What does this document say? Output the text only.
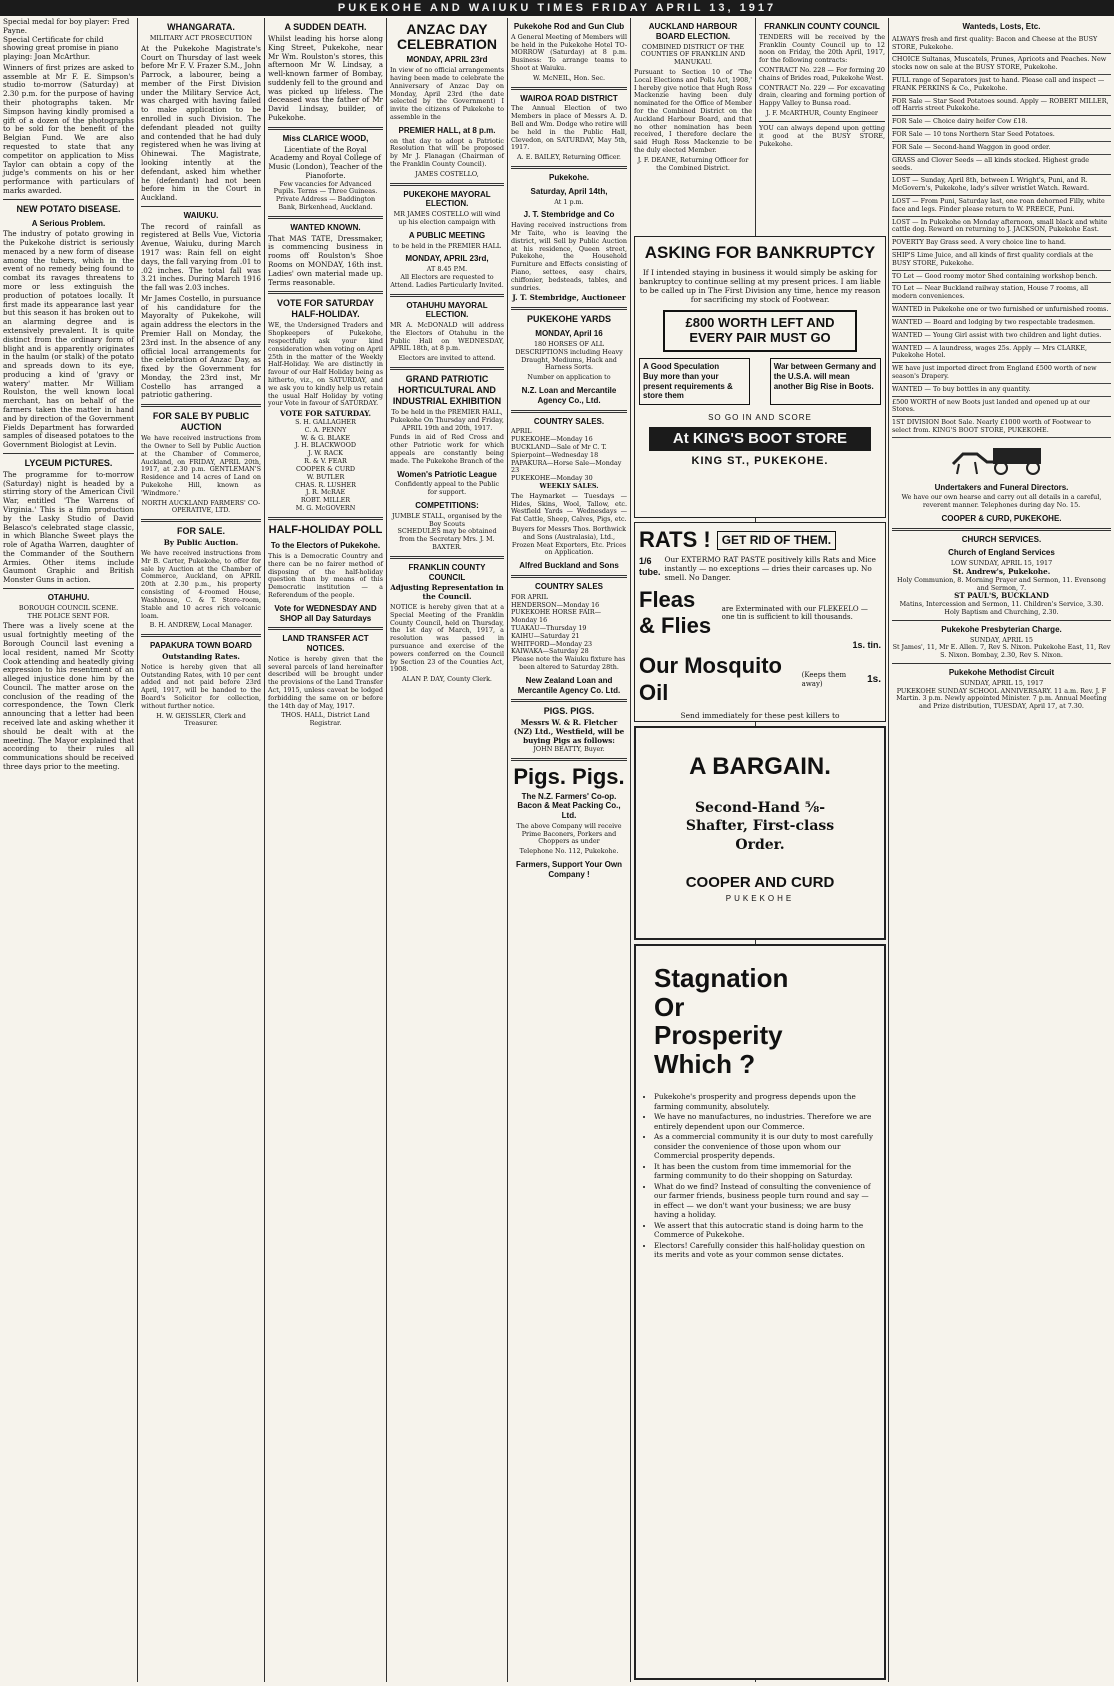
PUKEKOHE AND WAIUKU TIMES FRIDAY APRIL 13, 1917
Special medal for boy player: Fred Payne.
Special Certificate for child showing great promise in piano playing: Joan McArthur.

Winners of first prizes are asked to assemble at Mr F. E. Simpson's studio to-morrow (Saturday) at 2.30 p.m. for the purpose of having their photographs taken. Mr Simpson having kindly promised a gift of a dozen of the photographs to be sold for the benefit of the Belgian Fund. We are also requested to state that any competitor on application to Miss Taylor can obtain a copy of the judge's comments on his or her performance with particulars of marks awarded.

NEW POTATO DISEASE.
A Serious Problem.

The industry of potato growing in the Pukekohe district is seriously menaced by a new form of disease among the tubers, which in the event of no remedy being found to combat its ravages threatens to more or less extinguish the production of potatoes locally. It first made its appearance last year but this season it has broken out to an alarming degree and is extensively prevalent. It is quite distinct from the ordinary form of blight and is apparently originates in the haulm (or stalk) of the potato and spreads down to its eye, producing a kind of 'gravy or watery' matter. Mr William Roulston, the well known local merchant, has on behalf of the farmers taken the matter in hand and by direction of the Government Fields Department has forwarded samples of diseased potatoes to the Government Biologist at Levin.

LYCEUM PICTURES.

The programme for to-morrow (Saturday) night is headed by a stirring story of the American Civil War, entitled 'The Warrens of Virginia.' This is a film production by the Lasky Studio of David Belasco's celebrated stage classic, in which Blanche Sweet plays the role of Agatha Warren, daughter of the Commander of the Southern Armies. Other items include Gaumont Graphic and British Monster Guns in action.

OTAHUHU.
BOROUGH COUNCIL SCENE.
THE POLICE SENT FOR.

There was a lively scene at the usual fortnightly meeting of the Borough Council last evening a local resident, named Mr Scotty Cook attending and heatedly giving expression to his resentment of an alleged injustice done him by the Council. The matter arose on the conclusion of the reading of the correspondence, the Town Clerk announcing that a letter had been received late and asking whether it should be dealt with at the meeting. The Mayor explained that according to their rules all communications should be received three days prior to the meeting.

WHANGARATA.
MILITARY ACT PROSECUTION

At the Pukekohe Magistrate's Court on Thursday of last week before Mr F. V. Frazer S.M., John Parrock, a labourer, being a member of the First Division under the Military Service Act, was charged with having failed to make application to be enrolled in such Division. The defendant pleaded not guilty and contended that he had duly registered when he was living at Ohinewai. The Magistrate, looking intently at the defendant, asked him whether he (defendant) had not been before him in the Court in Auckland.

WAIUKU.

The record of rainfall as registered at Bells Vue, Victoria Avenue, Waiuku, during March 1917 was: Rain fell on eight days, the fall varying from .01 to .02 inches. The total fall was 3.21 inches. During March 1916 the fall was 2.03 inches.

Mr James Costello, in pursuance of his candidature for the Mayoralty of Pukekohe, will again address the electors in the Premier Hall on Monday, the 23rd inst. In the absence of any official local arrangements for the celebration of Anzac Day, as fixed by the Government for Monday, the 23rd inst, Mr Costello has arranged a patriotic gathering.

FOR SALE BY PUBLIC AUCTION

We have received instructions from the Owner to Sell by Public Auction at the Chamber of Commerce, Auckland, on FRIDAY, APRIL 20th, 1917, at 2.30 p.m. GENTLEMAN'S Residence and 14 acres of Land on Pukekohe Hill, known as 'Windmore.'

NORTH AUCKLAND FARMERS' CO-OPERATIVE, LTD.
FOR SALE.
By Public Auction.

We have received instructions from Mr B. Carter, Pukekohe, to offer for sale by Auction at the Chamber of Commerce, Auckland, on APRIL 20th at 2.30 p.m., his property consisting of 4-roomed House, Washhouse, C. & T. Store-room, Stable and 10 acres rich volcanic loam.

B. H. ANDREW, Local Manager.
PAPAKURA TOWN BOARD
Outstanding Rates.

Notice is hereby given that all Outstanding Rates, with 10 per cent added and not paid before 23rd April, 1917, will be handed to the Board's Solicitor for collection, without further notice.

H. W. GEISSLER, Clerk and Treasurer.
A SUDDEN DEATH.

Whilst leading his horse along King Street, Pukekohe, near Mr Wm. Roulston's stores, this afternoon Mr W. Lindsay, a well-known farmer of Bombay, suddenly fell to the ground and was picked up lifeless. The deceased was the father of Mr David Lindsay, builder, of Pukekohe.

Miss CLARICE WOOD,
Licentiate of the Royal Academy and Royal College of Music (London), Teacher of the Pianoforte.
Few vacancies for Advanced Pupils. Terms — Three Guineas.
Private Address — Baddington Bank, Birkenhead, Auckland.
WANTED KNOWN.

That MAS TATE, Dressmaker, is commencing business in rooms off Roulston's Shoe Rooms on MONDAY, 16th inst. Ladies' own material made up. Terms reasonable.

VOTE FOR SATURDAY HALF-HOLIDAY.

WE, the Undersigned Traders and Shopkeepers of Pukekohe, respectfully ask your kind consideration when voting on April 25th in the matter of the Weekly Half-Holiday. We are distinctly in favour of our Half Holiday being as hitherto, viz., on SATURDAY, and we ask you to kindly help us retain the usual Half Holiday by voting your Vote in favour of SATURDAY.

VOTE FOR SATURDAY.
S. H. GALLAGHER
C. A. PENNY
W. & G. BLAKE
J. H. BLACKWOOD
J. W. RACK
R. & V. FEAR
COOPER & CURD
W. BUTLER
CHAS. R. LUSHER
J. R. McRAE
ROBT. MILLER
M. G. McGOVERN
HALF-HOLIDAY POLL
To the Electors of Pukekohe.

This is a Democratic Country and there can be no fairer method of disposing of the half-holiday question than by means of this Democratic institution — a Referendum of the people.

Vote for WEDNESDAY AND SHOP all Day Saturdays
LAND TRANSFER ACT NOTICES.

Notice is hereby given that the several parcels of land hereinafter described will be brought under the provisions of the Land Transfer Act, 1915, unless caveat be lodged forbidding the same on or before the 14th day of May, 1917.

THOS. HALL, District Land Registrar.
ANZAC DAY CELEBRATION
MONDAY, APRIL 23rd

In view of no official arrangements having been made to celebrate the Anniversary of Anzac Day on Monday, April 23rd (the date selected by the Government) I invite the citizens of Pukekohe to assemble in the

PREMIER HALL, at 8 p.m.

on that day to adopt a Patriotic Resolution that will be proposed by Mr J. Flanagan (Chairman of the Franklin County Council).

JAMES COSTELLO,
PUKEKOHE MAYORAL ELECTION.
MR JAMES COSTELLO will wind up his election campaign with
A PUBLIC MEETING
to be held in the PREMIER HALL
MONDAY, APRIL 23rd,
AT 8.45 P.M.
All Electors are requested to Attend. Ladies Particularly Invited.
OTAHUHU MAYORAL ELECTION.

MR A. McDONALD will address the Electors of Otahuhu in the Public Hall on WEDNESDAY, APRIL 18th, at 8 p.m.

Electors are invited to attend.
GRAND PATRIOTIC HORTICULTURAL AND INDUSTRIAL EXHIBITION

To be held in the PREMIER HALL, Pukekohe On Thursday and Friday, APRIL 19th and 20th, 1917.

Funds in aid of Red Cross and other Patriotic work for which appeals are constantly being made. The Pukekohe Branch of the

Women's Patriotic League
Confidently appeal to the Public for support.
COMPETITIONS:
JUMBLE STALL, organised by the Boy Scouts
SCHEDULES may be obtained from the Secretary Mrs. J. M. BAXTER.
FRANKLIN COUNTY COUNCIL
Adjusting Representation in the Council.

NOTICE is hereby given that at a Special Meeting of the Franklin County Council, held on Thursday, the 1st day of March, 1917, a resolution was passed in pursuance and exercise of the powers conferred on the Council by Section 23 of the Counties Act, 1908.

ALAN P. DAY, County Clerk.
Pukekohe Rod and Gun Club

A General Meeting of Members will be held in the Pukekohe Hotel TO-MORROW (Saturday) at 8 p.m. Business: To arrange teams to Shoot at Waiuku.

W. McNEIL, Hon. Sec.
WAIROA ROAD DISTRICT

The Annual Election of two Members in place of Messrs A. D. Bell and Wm. Dodge who retire will be held in the Public Hall, Clevedon, on SATURDAY, May 5th, 1917.

A. E. BAILEY, Returning Officer.
Pukekohe.
Saturday, April 14th,
At 1 p.m.
J. T. Stembridge and Co

Having received instructions from Mr Taite, who is leaving the district, will Sell by Public Auction at his residence, Queen street, Pukekohe, the Household Furniture and Effects consisting of Piano, settees, easy chairs, chiffonier, bedsteads, tables, and sundries.

J. T. Stembridge, Auctioneer
PUKEKOHE YARDS
MONDAY, April 16

180 HORSES OF ALL DESCRIPTIONS including Heavy Draught, Mediums, Hack and Harness Sorts.

Number on application to
N.Z. Loan and Mercantile Agency Co., Ltd.
COUNTRY SALES.
APRIL
PUKEKOHE—Monday 16
BUCKLAND—Sale of Mr C. T. Spierpoint—Wednesday 18
PAPAKURA—Horse Sale—Monday 23
PUKEKOHE—Monday 30
WEEKLY SALES.

The Haymarket — Tuesdays — Hides, Skins, Wool, Tallow, etc. Westfield Yards — Wednesdays — Fat Cattle, Sheep, Calves, Pigs, etc.

Buyers for Messrs Thos. Borthwick and Sons (Australasia), Ltd., Frozen Meat Exporters, Etc. Prices on Application.

Alfred Buckland and Sons
COUNTRY SALES
FOR APRIL
HENDERSON—Monday 16
PUKEKOHE HORSE FAIR—Monday 16
TUAKAU—Thursday 19
KAIHU—Saturday 21
WHITFORD—Monday 23
KAIWAKA—Saturday 28
Please note the Waiuku fixture has been altered to Saturday 28th.
New Zealand Loan and Mercantile Agency Co. Ltd.
PIGS. PIGS.
Messrs W. & R. Fletcher (NZ) Ltd., Westfield, will be buying Pigs as follows:
JOHN BEATTY, Buyer.
Pigs. Pigs.
The N.Z. Farmers' Co-op. Bacon & Meat Packing Co., Ltd.

The above Company will receive Prime Baconers, Porkers and Choppers as under

Telephone No. 112, Pukekohe.
Farmers, Support Your Own Company !
AUCKLAND HARBOUR BOARD ELECTION.
COMBINED DISTRICT OF THE COUNTIES OF FRANKLIN AND MANUKAU.

Pursuant to Section 10 of 'The Local Elections and Polls Act, 1908,' I hereby give notice that Hugh Ross Mackenzie having been duly nominated for the Office of Member for the Combined District on the Auckland Harbour Board, and that no other nomination has been received, I therefore declare the said Hugh Ross Mackenzie to be the duly elected Member.

J. F. DEANE, Returning Officer for the Combined District.
FRANKLIN COUNTY COUNCIL

TENDERS will be received by the Franklin County Council up to 12 noon on Friday, the 20th April, 1917, for the following contracts:

CONTRACT No. 228 — For forming 20 chains of Brides road, Pukekohe West.

CONTRACT No. 229 — For excavating drain, clearing and forming portion of Happy Valley to Bunsa road.

J. F. McARTHUR, County Engineer

YOU can always depend upon getting it good at the BUSY STORE, Pukekohe.

ASKING FOR BANKRUPTCY

If I intended staying in business it would simply be asking for bankruptcy to continue selling at my present prices. I am liable to be called up in The First Division any time, hence my reason for sacrificing my stock of Footwear.

£800 WORTH LEFT AND EVERY PAIR MUST GO
A Good Speculation
Buy more than your present requirements & store them
War between Germany and the U.S.A. will mean another Big Rise in Boots.
SO GO IN AND SCORE
At KING'S BOOT STORE
KING ST., PUKEKOHE.
RATS ! GET RID OF THEM.
1/6 tube.
Our EXTERMO RAT PASTE positively kills Rats and Mice instantly — no exceptions — dries their carcases up. No smell. No Danger.
Fleas & Flies
are Exterminated with our FLEKEELO — one tin is sufficient to kill thousands.
1s. tin.
Our Mosquito Oil
(Keeps them away)	1s.
Send immediately for these pest killers to
A BARGAIN.
Second-Hand ⅝-Shafter, First-class Order.
COOPER AND CURD
PUKEKOHE
Stagnation Or Prosperity Which ?
• Pukekohe's prosperity and progress depends upon the farming community, absolutely.
• We have no manufactures, no industries. Therefore we are entirely dependent upon our Commerce.
• As a commercial community it is our duty to most carefully consider the convenience of those upon whom our Commercial prosperity depends.
• It has been the custom from time immemorial for the farming community to do their shopping on Saturday.
• What do we find? Instead of consulting the convenience of our farmer friends, business people turn round and say — in effect — we don't want your business; we are busy having a holiday.
• We assert that this autocratic stand is doing harm to the Commerce of Pukekohe.
• Electors! Carefully consider this half-holiday question on its merits and vote as your common sense dictates.
Wanteds, Losts, Etc.
ALWAYS fresh and first quality: Bacon and Cheese at the BUSY STORE, Pukekohe.
CHOICE Sultanas, Muscatels, Prunes, Apricots and Peaches. New stocks now on sale at the BUSY STORE, Pukekohe.
FULL range of Separators just to hand. Please call and inspect — FRANK PERKINS & Co., Pukekohe.
FOR Sale — Star Seed Potatoes sound. Apply — ROBERT MILLER, off Harris street Pukekohe.
FOR Sale — Choice dairy heifer Cow £18.
FOR Sale — 10 tons Northern Star Seed Potatoes.
FOR Sale — Second-hand Waggon in good order.
GRASS and Clover Seeds — all kinds stocked. Highest grade seeds.
LOST — Sunday, April 8th, between I. Wright's, Puni, and R. McGovern's, Pukekohe, lady's silver wristlet Watch. Reward.
LOST — From Puni, Saturday last, one roan dehorned Filly, white face and legs. Finder please return to W. PREECE, Puni.
LOST — In Pukekohe on Monday afternoon, small black and white cattle dog. Reward on returning to J. JACKSON, Pukekohe East.
POVERTY Bay Grass seed. A very choice line to hand.
SHIP'S Lime Juice, and all kinds of first quality cordials at the BUSY STORE, Pukekohe.
TO Let — Good roomy motor Shed containing workshop bench.
TO Let — Near Buckland railway station, House 7 rooms, all modern conveniences.
WANTED in Pukekohe one or two furnished or unfurnished rooms.
WANTED — Board and lodging by two respectable tradesmen.
WANTED — Young Girl assist with two children and light duties.
WANTED — A laundress, wages 25s. Apply — Mrs CLARKE, Pukekohe Hotel.
WE have just imported direct from England £500 worth of new season's Drapery.
WANTED — To buy bottles in any quantity.
£500 WORTH of new Boots just landed and opened up at our Stores.
1ST DIVISION Boot Sale. Nearly £1000 worth of Footwear to select from. KING'S BOOT STORE, PUKEKOHE.
Undertakers and Funeral Directors.

We have our own hearse and carry out all details in a careful, reverent manner. Telephones during day No. 15.

COOPER & CURD, PUKEKOHE.
CHURCH SERVICES.
Church of England Services
LOW SUNDAY, APRIL 15, 1917
St. Andrew's, Pukekohe.
Holy Communion, 8. Morning Prayer and Sermon, 11. Evensong and Sermon, 7.
ST PAUL'S, BUCKLAND
Matins, Intercession and Sermon, 11. Children's Service, 3.30. Holy Baptism and Churching, 2.30.
Pukekohe Presbyterian Charge.
SUNDAY, APRIL 15
St James', 11, Mr E. Allen. 7, Rev S. Nixon. Pukekohe East, 11, Rev S. Nixon. Bombay, 2.30, Rev S. Nixon.
Pukekohe Methodist Circuit
SUNDAY, APRIL 15, 1917
PUKEKOHE SUNDAY SCHOOL ANNIVERSARY. 11 a.m. Rev. J. F Martin. 3 p.m. Newly appointed Minister. 7 p.m. Annual Meeting and Prize distribution, TUESDAY, April 17, at 7.30.
